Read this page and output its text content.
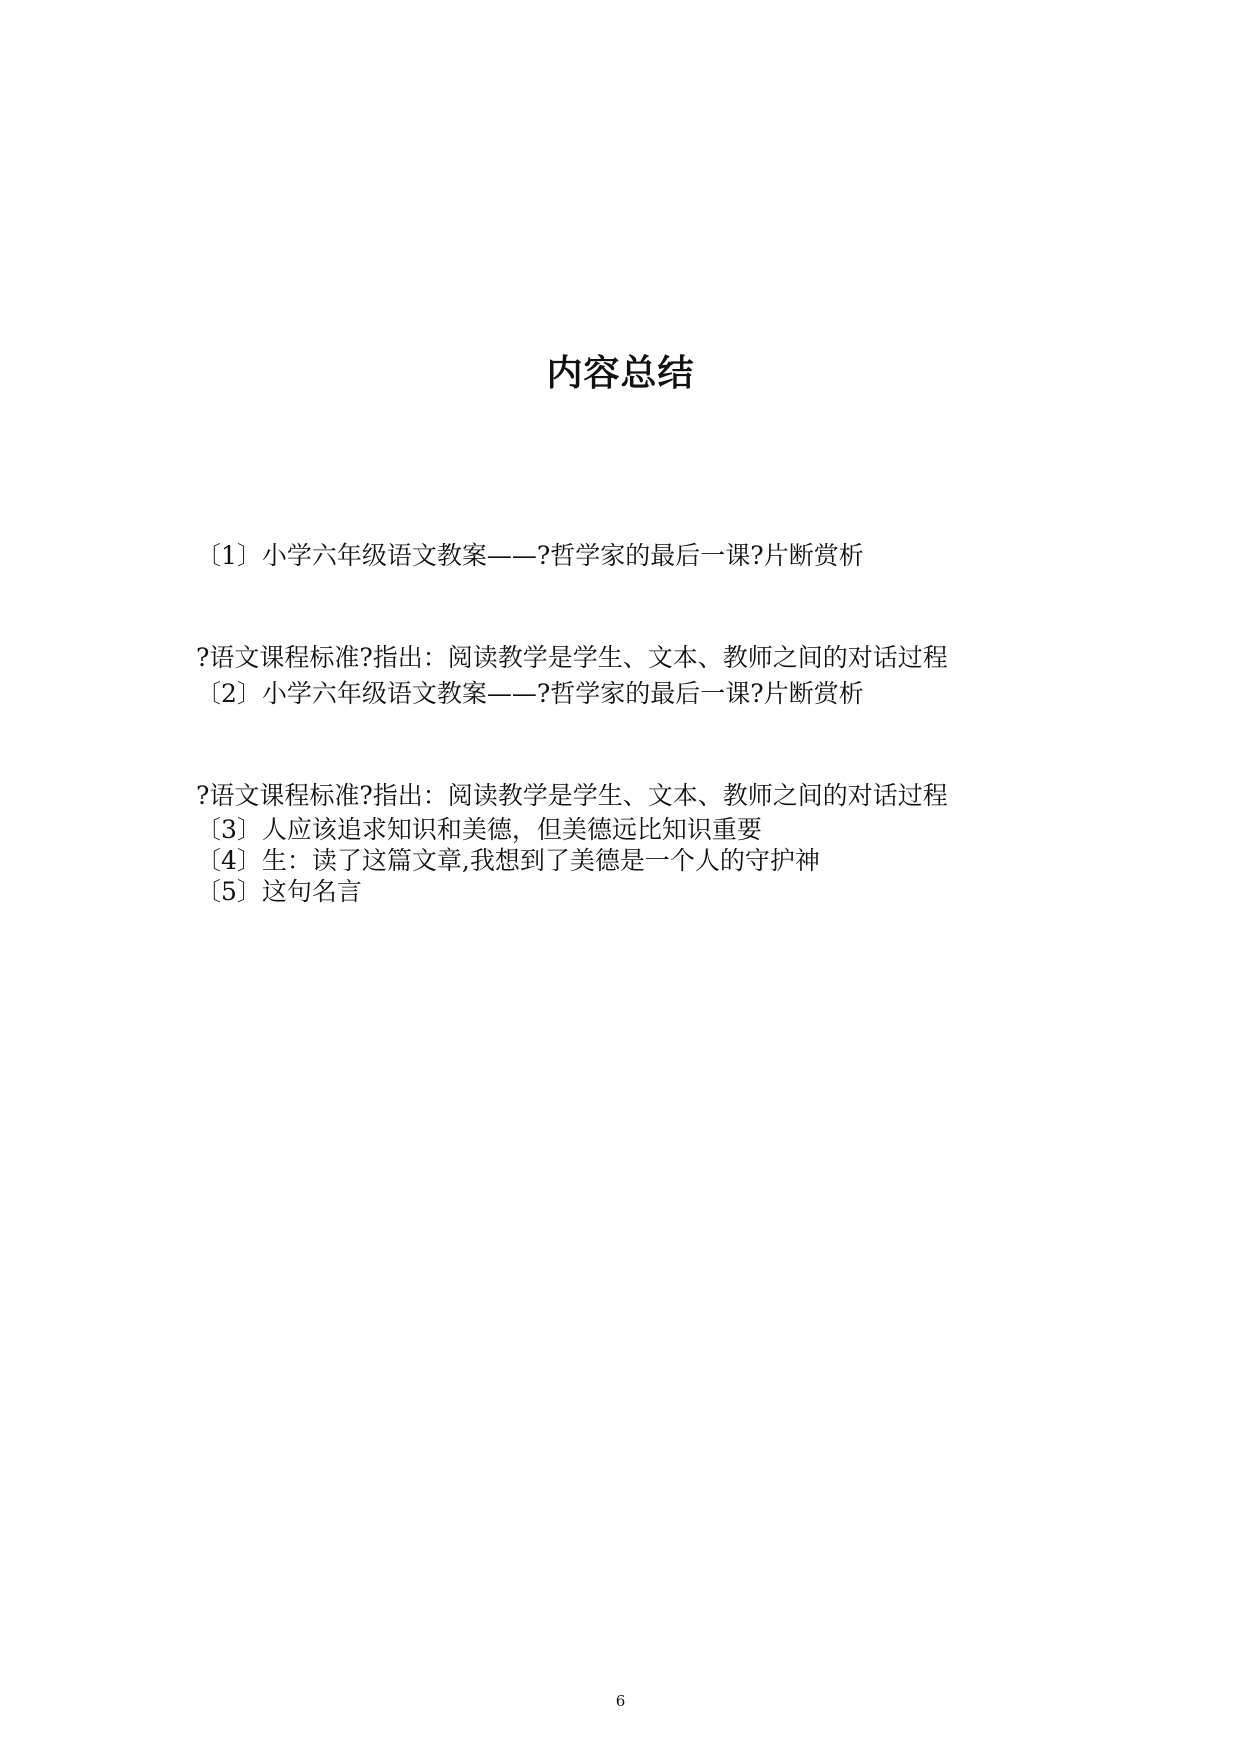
内容总结
〔1〕小学六年级语文教案——?哲学家的最后一课?片断赏析
?语文课程标准?指出：阅读教学是学生、文本、教师之间的对话过程
〔2〕小学六年级语文教案——?哲学家的最后一课?片断赏析
?语文课程标准?指出：阅读教学是学生、文本、教师之间的对话过程
〔3〕人应该追求知识和美德，但美德远比知识重要
〔4〕生：读了这篇文章,我想到了美德是一个人的守护神
〔5〕这句名言
6
